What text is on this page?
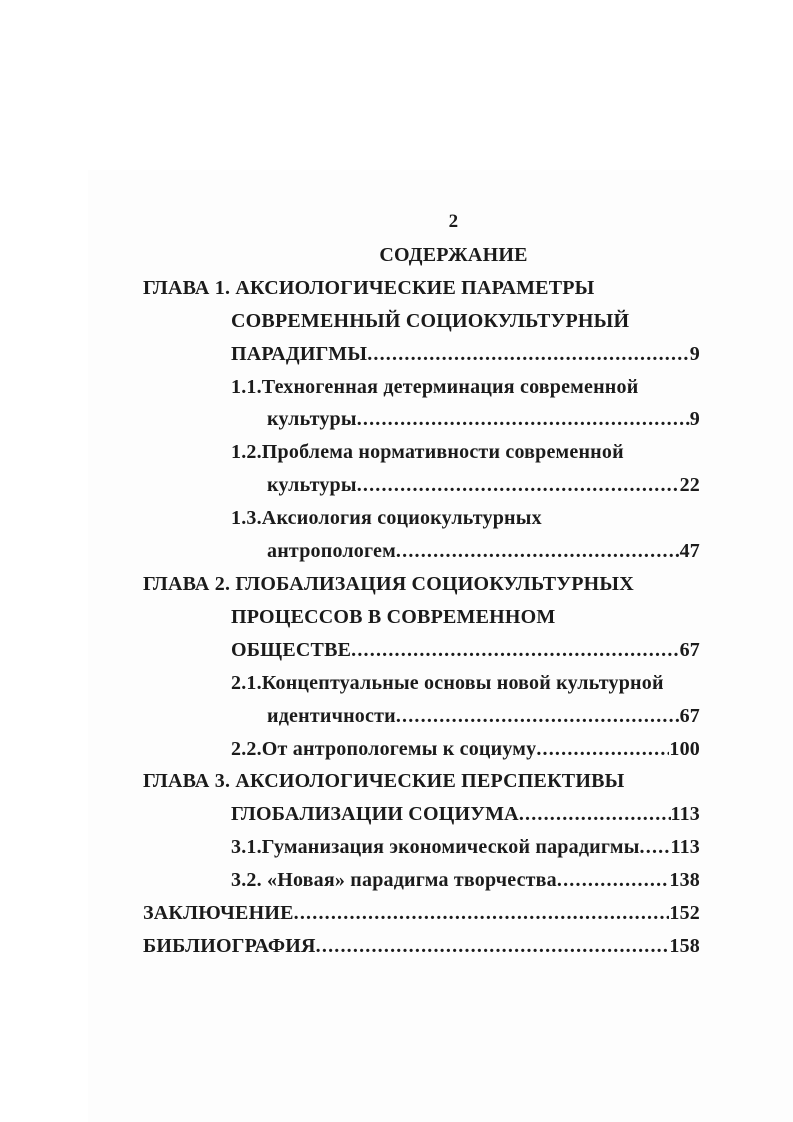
2
СОДЕРЖАНИЕ
ГЛАВА 1. АКСИОЛОГИЧЕСКИЕ ПАРАМЕТРЫ
СОВРЕМЕННЫЙ СОЦИОКУЛЬТУРНЫЙ
ПАРАДИГМЫ .....	9
1.1.Техногенная детерминация современной
культуры .....	9
1.2.Проблема нормативности современной
культуры .....	22
1.3.Аксиология социокультурных
антропологем .....	47
ГЛАВА 2. ГЛОБАЛИЗАЦИЯ СОЦИОКУЛЬТУРНЫХ
ПРОЦЕССОВ В СОВРЕМЕННОМ
ОБЩЕСТВЕ .....	67
2.1.Концептуальные основы новой культурной
идентичности .....	67
2.2.От антропологемы к социуму .....	100
ГЛАВА 3. АКСИОЛОГИЧЕСКИЕ ПЕРСПЕКТИВЫ
ГЛОБАЛИЗАЦИИ СОЦИУМА .....	113
3.1.Гуманизация экономической парадигмы ..... 113
3.2. «Новая» парадигма творчества .....	138
ЗАКЛЮЧЕНИЕ .....	152
БИБЛИОГРАФИЯ .....	158
